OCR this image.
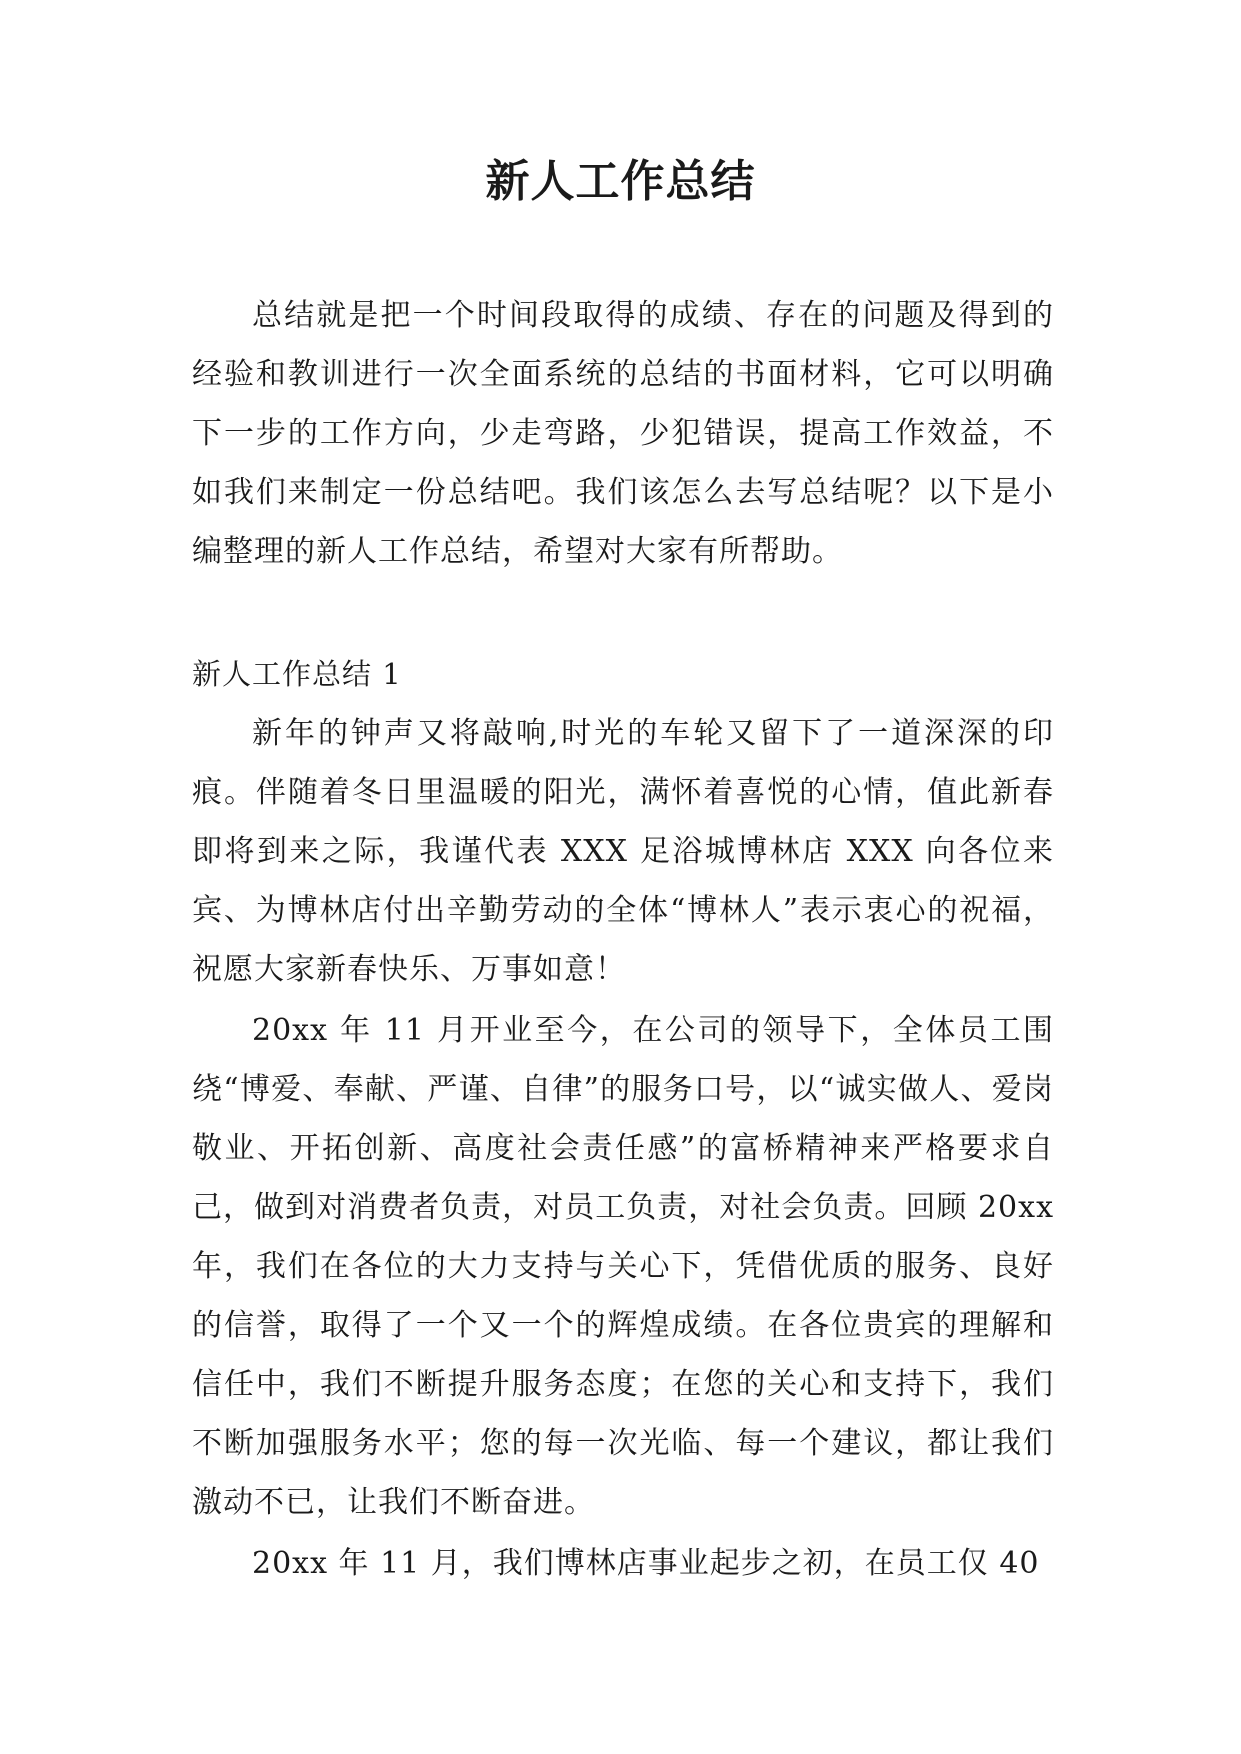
新人工作总结

总结就是把一个时间段取得的成绩、存在的问题及得到的经验和教训进行一次全面系统的总结的书面材料，它可以明确下一步的工作方向，少走弯路，少犯错误，提高工作效益，不如我们来制定一份总结吧。我们该怎么去写总结呢？以下是小编整理的新人工作总结，希望对大家有所帮助。

新人工作总结 1

新年的钟声又将敲响,时光的车轮又留下了一道深深的印痕。伴随着冬日里温暖的阳光，满怀着喜悦的心情，值此新春即将到来之际，我谨代表 XXX 足浴城博林店 XXX 向各位来宾、为博林店付出辛勤劳动的全体“博林人”表示衷心的祝福，祝愿大家新春快乐、万事如意！

20xx 年 11 月开业至今，在公司的领导下，全体员工围绕“博爱、奉献、严谨、自律”的服务口号，以“诚实做人、爱岗敬业、开拓创新、高度社会责任感”的富桥精神来严格要求自己，做到对消费者负责，对员工负责，对社会负责。回顾 20xx 年，我们在各位的大力支持与关心下，凭借优质的服务、良好的信誉，取得了一个又一个的辉煌成绩。在各位贵宾的理解和信任中，我们不断提升服务态度；在您的关心和支持下，我们不断加强服务水平；您的每一次光临、每一个建议，都让我们激动不已，让我们不断奋进。

20xx 年 11 月，我们博林店事业起步之初，在员工仅 40
